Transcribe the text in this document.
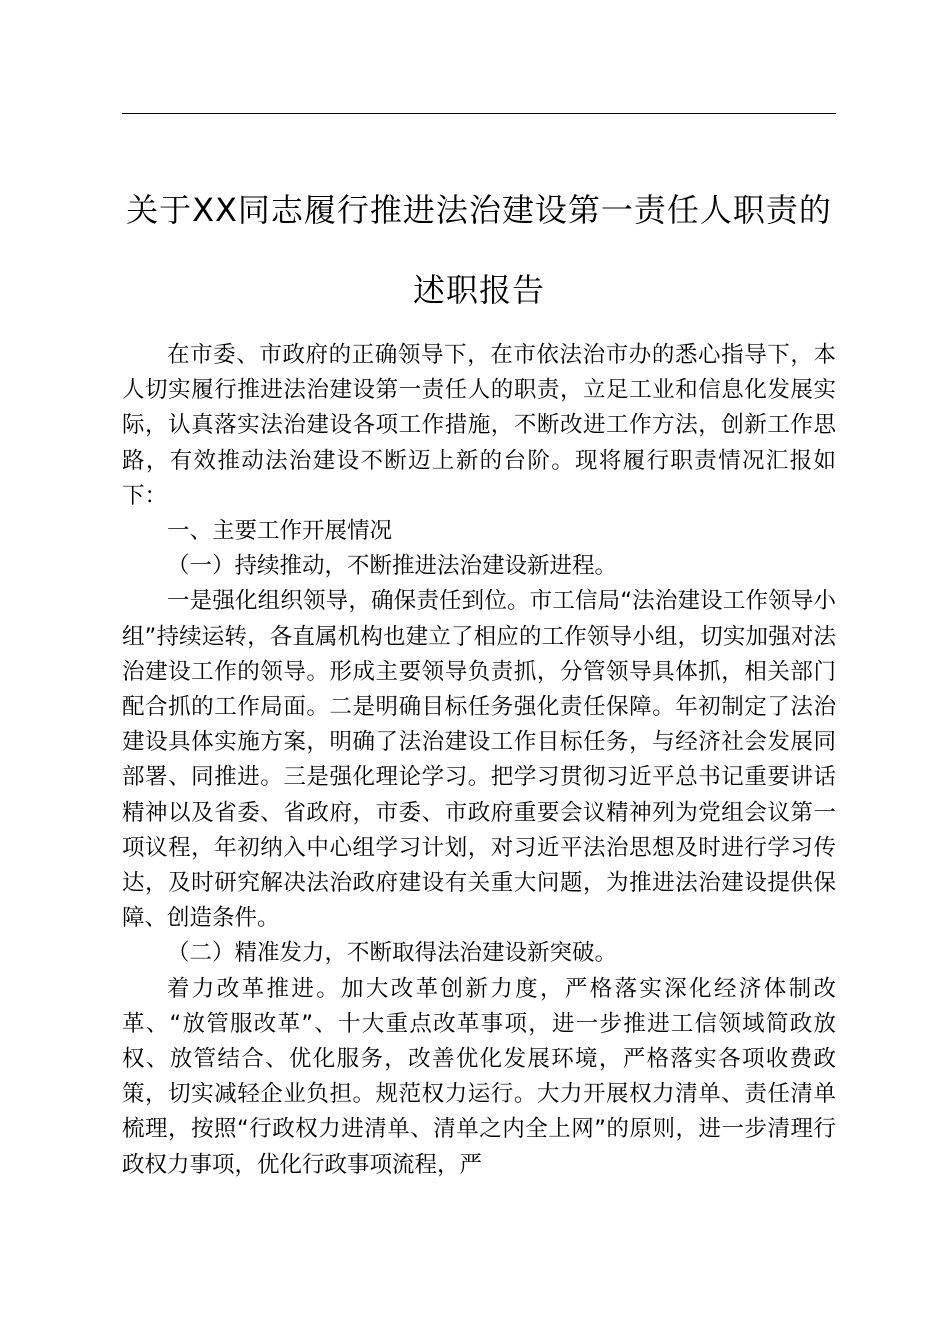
关于XX同志履行推进法治建设第一责任人职责的述职报告

在市委、市政府的正确领导下，在市依法治市办的悉心指导下，本人切实履行推进法治建设第一责任人的职责，立足工业和信息化发展实际，认真落实法治建设各项工作措施，不断改进工作方法，创新工作思路，有效推动法治建设不断迈上新的台阶。现将履行职责情况汇报如下：

一、主要工作开展情况

（一）持续推动，不断推进法治建设新进程。

一是强化组织领导，确保责任到位。市工信局“法治建设工作领导小组”持续运转，各直属机构也建立了相应的工作领导小组，切实加强对法治建设工作的领导。形成主要领导负责抓，分管领导具体抓，相关部门配合抓的工作局面。二是明确目标任务强化责任保障。年初制定了法治建设具体实施方案，明确了法治建设工作目标任务，与经济社会发展同部署、同推进。三是强化理论学习。把学习贯彻习近平总书记重要讲话精神以及省委、省政府，市委、市政府重要会议精神列为党组会议第一项议程，年初纳入中心组学习计划，对习近平法治思想及时进行学习传达，及时研究解决法治政府建设有关重大问题，为推进法治建设提供保障、创造条件。

（二）精准发力，不断取得法治建设新突破。

着力改革推进。加大改革创新力度，严格落实深化经济体制改革、“放管服改革”、十大重点改革事项，进一步推进工信领域简政放权、放管结合、优化服务，改善优化发展环境，严格落实各项收费政策，切实减轻企业负担。规范权力运行。大力开展权力清单、责任清单梳理，按照“行政权力进清单、清单之内全上网”的原则，进一步清理行政权力事项，优化行政事项流程，严
